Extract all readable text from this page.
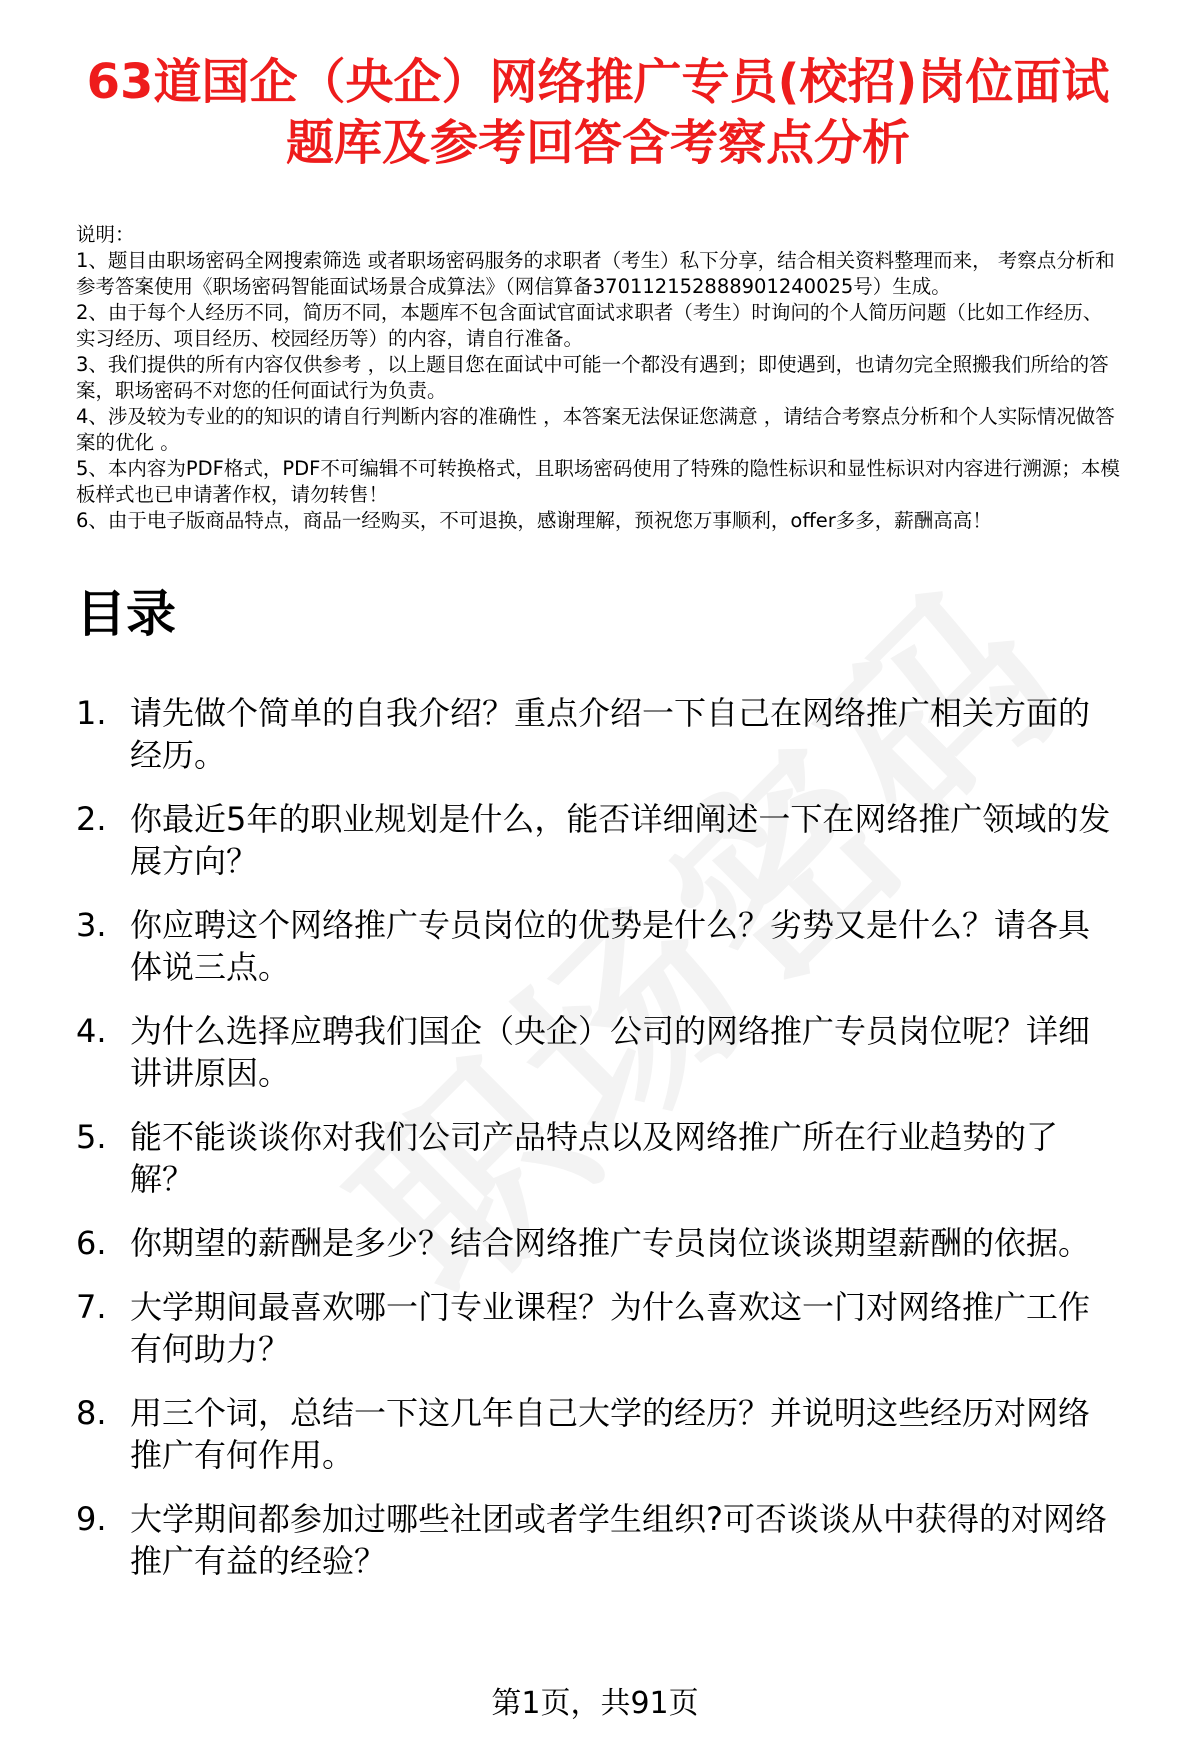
63道国企（央企）网络推广专员(校招)岗位面试题库及参考回答含考察点分析

说明：

1、题目由职场密码全网搜索筛选 或者职场密码服务的求职者（考生）私下分享，结合相关资料整理而来， 考察点分析和参考答案使用《职场密码智能面试场景合成算法》（网信算备370112152888901240025号）生成。

2、由于每个人经历不同，简历不同，本题库不包含面试官面试求职者（考生）时询问的个人简历问题（比如工作经历、实习经历、项目经历、校园经历等）的内容，请自行准备。

3、我们提供的所有内容仅供参考 ，以上题目您在面试中可能一个都没有遇到；即使遇到，也请勿完全照搬我们所给的答案，职场密码不对您的任何面试行为负责。

4、涉及较为专业的的知识的请自行判断内容的准确性 ，本答案无法保证您满意 ，请结合考察点分析和个人实际情况做答案的优化 。

5、本内容为PDF格式，PDF不可编辑不可转换格式，且职场密码使用了特殊的隐性标识和显性标识对内容进行溯源；本模板样式也已申请著作权，请勿转售！

6、由于电子版商品特点，商品一经购买，不可退换，感谢理解，预祝您万事顺利，offer多多，薪酬高高！

目录
1. 请先做个简单的自我介绍？重点介绍一下自己在网络推广相关方面的经历。
2. 你最近5年的职业规划是什么，能否详细阐述一下在网络推广领域的发展方向？
3. 你应聘这个网络推广专员岗位的优势是什么？劣势又是什么？请各具体说三点。
4. 为什么选择应聘我们国企（央企）公司的网络推广专员岗位呢？详细讲讲原因。
5. 能不能谈谈你对我们公司产品特点以及网络推广所在行业趋势的了解？
6. 你期望的薪酬是多少？结合网络推广专员岗位谈谈期望薪酬的依据。
7. 大学期间最喜欢哪一门专业课程？为什么喜欢这一门对网络推广工作有何助力？
8. 用三个词，总结一下这几年自己大学的经历？并说明这些经历对网络推广有何作用。
9. 大学期间都参加过哪些社团或者学生组织?可否谈谈从中获得的对网络推广有益的经验？
第1页，共91页
